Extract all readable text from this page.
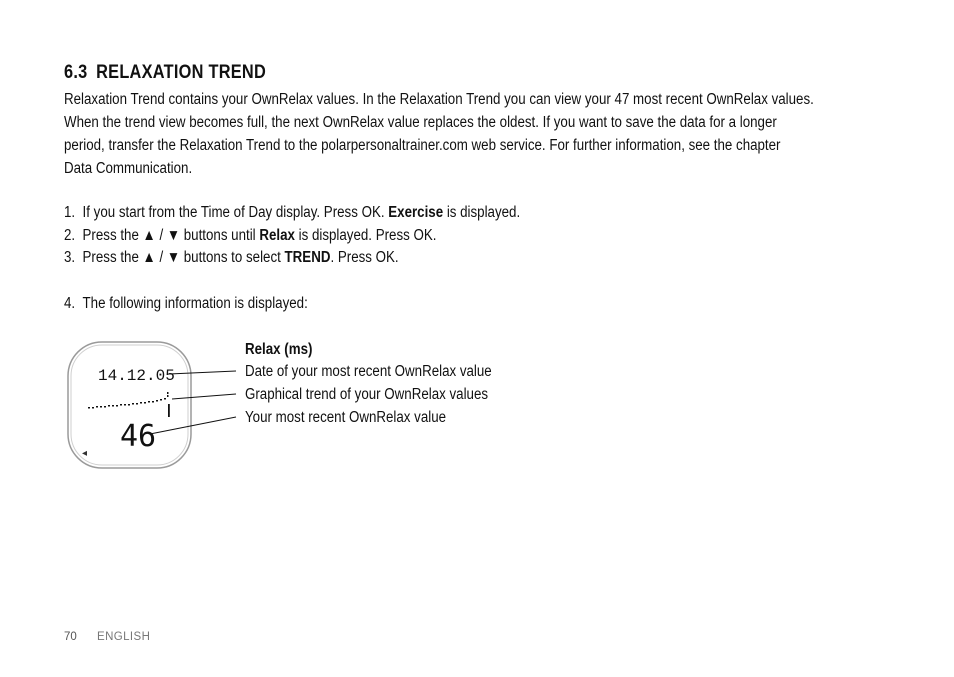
6.3 RELAXATION TREND
Relaxation Trend contains your OwnRelax values. In the Relaxation Trend you can view your 47 most recent OwnRelax values.
When the trend view becomes full, the next OwnRelax value replaces the oldest. If you want to save the data for a longer
period, transfer the Relaxation Trend to the polarpersonaltrainer.com web service. For further information, see the chapter
Data Communication.
1. If you start from the Time of Day display. Press OK. Exercise is displayed.
2. Press the ▲ / ▼ buttons until Relax is displayed. Press OK.
3. Press the ▲ / ▼ buttons to select TREND. Press OK.
4. The following information is displayed:
14.12.05
46
◂
Relax (ms)
Date of your most recent OwnRelax value
Graphical trend of your OwnRelax values
Your most recent OwnRelax value
70 ENGLISH
